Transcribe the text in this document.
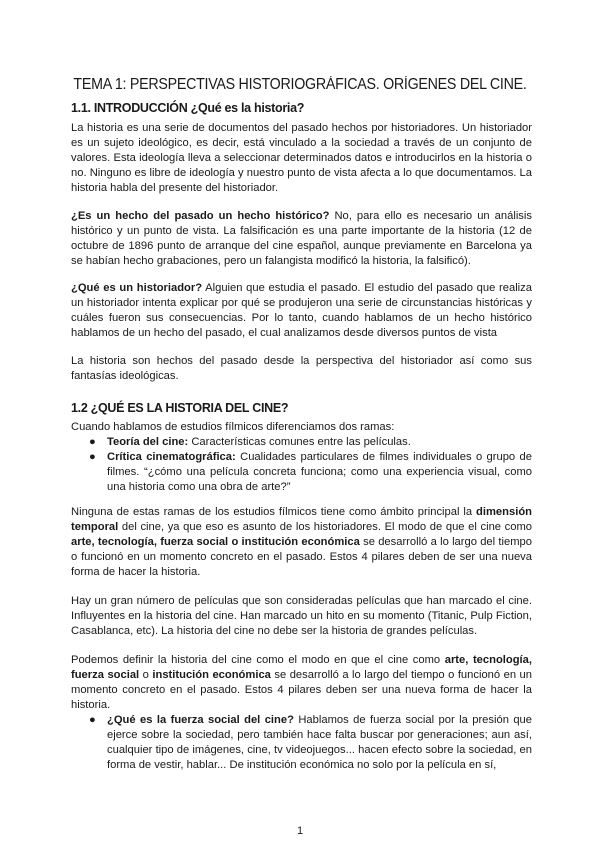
TEMA 1: PERSPECTIVAS HISTORIOGRÁFICAS. ORÍGENES DEL CINE.
1.1. INTRODUCCIÓN ¿Qué es la historia?

La historia es una serie de documentos del pasado hechos por historiadores. Un historiador es un sujeto ideológico, es decir, está vinculado a la sociedad a través de un conjunto de valores. Esta ideología lleva a seleccionar determinados datos e introducirlos en la historia o no. Ninguno es libre de ideología y nuestro punto de vista afecta a lo que documentamos. La historia habla del presente del historiador.

¿Es un hecho del pasado un hecho histórico? No, para ello es necesario un análisis histórico y un punto de vista. La falsificación es una parte importante de la historia (12 de octubre de 1896 punto de arranque del cine español, aunque previamente en Barcelona ya se habían hecho grabaciones, pero un falangista modificó la historia, la falsificó).

¿Qué es un historiador? Alguien que estudia el pasado. El estudio del pasado que realiza un historiador intenta explicar por qué se produjeron una serie de circunstancias históricas y cuáles fueron sus consecuencias. Por lo tanto, cuando hablamos de un hecho histórico hablamos de un hecho del pasado, el cual analizamos desde diversos puntos de vista

La historia son hechos del pasado desde la perspectiva del historiador así como sus fantasías ideológicas.

1.2 ¿QUÉ ES LA HISTORIA DEL CINE?

Cuando hablamos de estudios fílmicos diferenciamos dos ramas:

● Teoría del cine: Características comunes entre las películas.

● Crítica cinematográfica: Cualidades particulares de filmes individuales o grupo de filmes. “¿cómo una película concreta funciona; como una experiencia visual, como una historia como una obra de arte?”

Ninguna de estas ramas de los estudios fílmicos tiene como ámbito principal la dimensión temporal del cine, ya que eso es asunto de los historiadores. El modo de que el cine como arte, tecnología, fuerza social o institución económica se desarrolló a lo largo del tiempo o funcionó en un momento concreto en el pasado. Estos 4 pilares deben de ser una nueva forma de hacer la historia.

Hay un gran número de películas que son consideradas películas que han marcado el cine. Influyentes en la historia del cine. Han marcado un hito en su momento (Titanic, Pulp Fiction, Casablanca, etc). La historia del cine no debe ser la historia de grandes películas.

Podemos definir la historia del cine como el modo en que el cine como arte, tecnología, fuerza social o institución económica se desarrolló a lo largo del tiempo o funcionó en un momento concreto en el pasado. Estos 4 pilares deben ser una nueva forma de hacer la historia.

● ¿Qué es la fuerza social del cine? Hablamos de fuerza social por la presión que ejerce sobre la sociedad, pero también hace falta buscar por generaciones; aun así, cualquier tipo de imágenes, cine, tv videojuegos... hacen efecto sobre la sociedad, en forma de vestir, hablar... De institución económica no solo por la película en sí,

1
